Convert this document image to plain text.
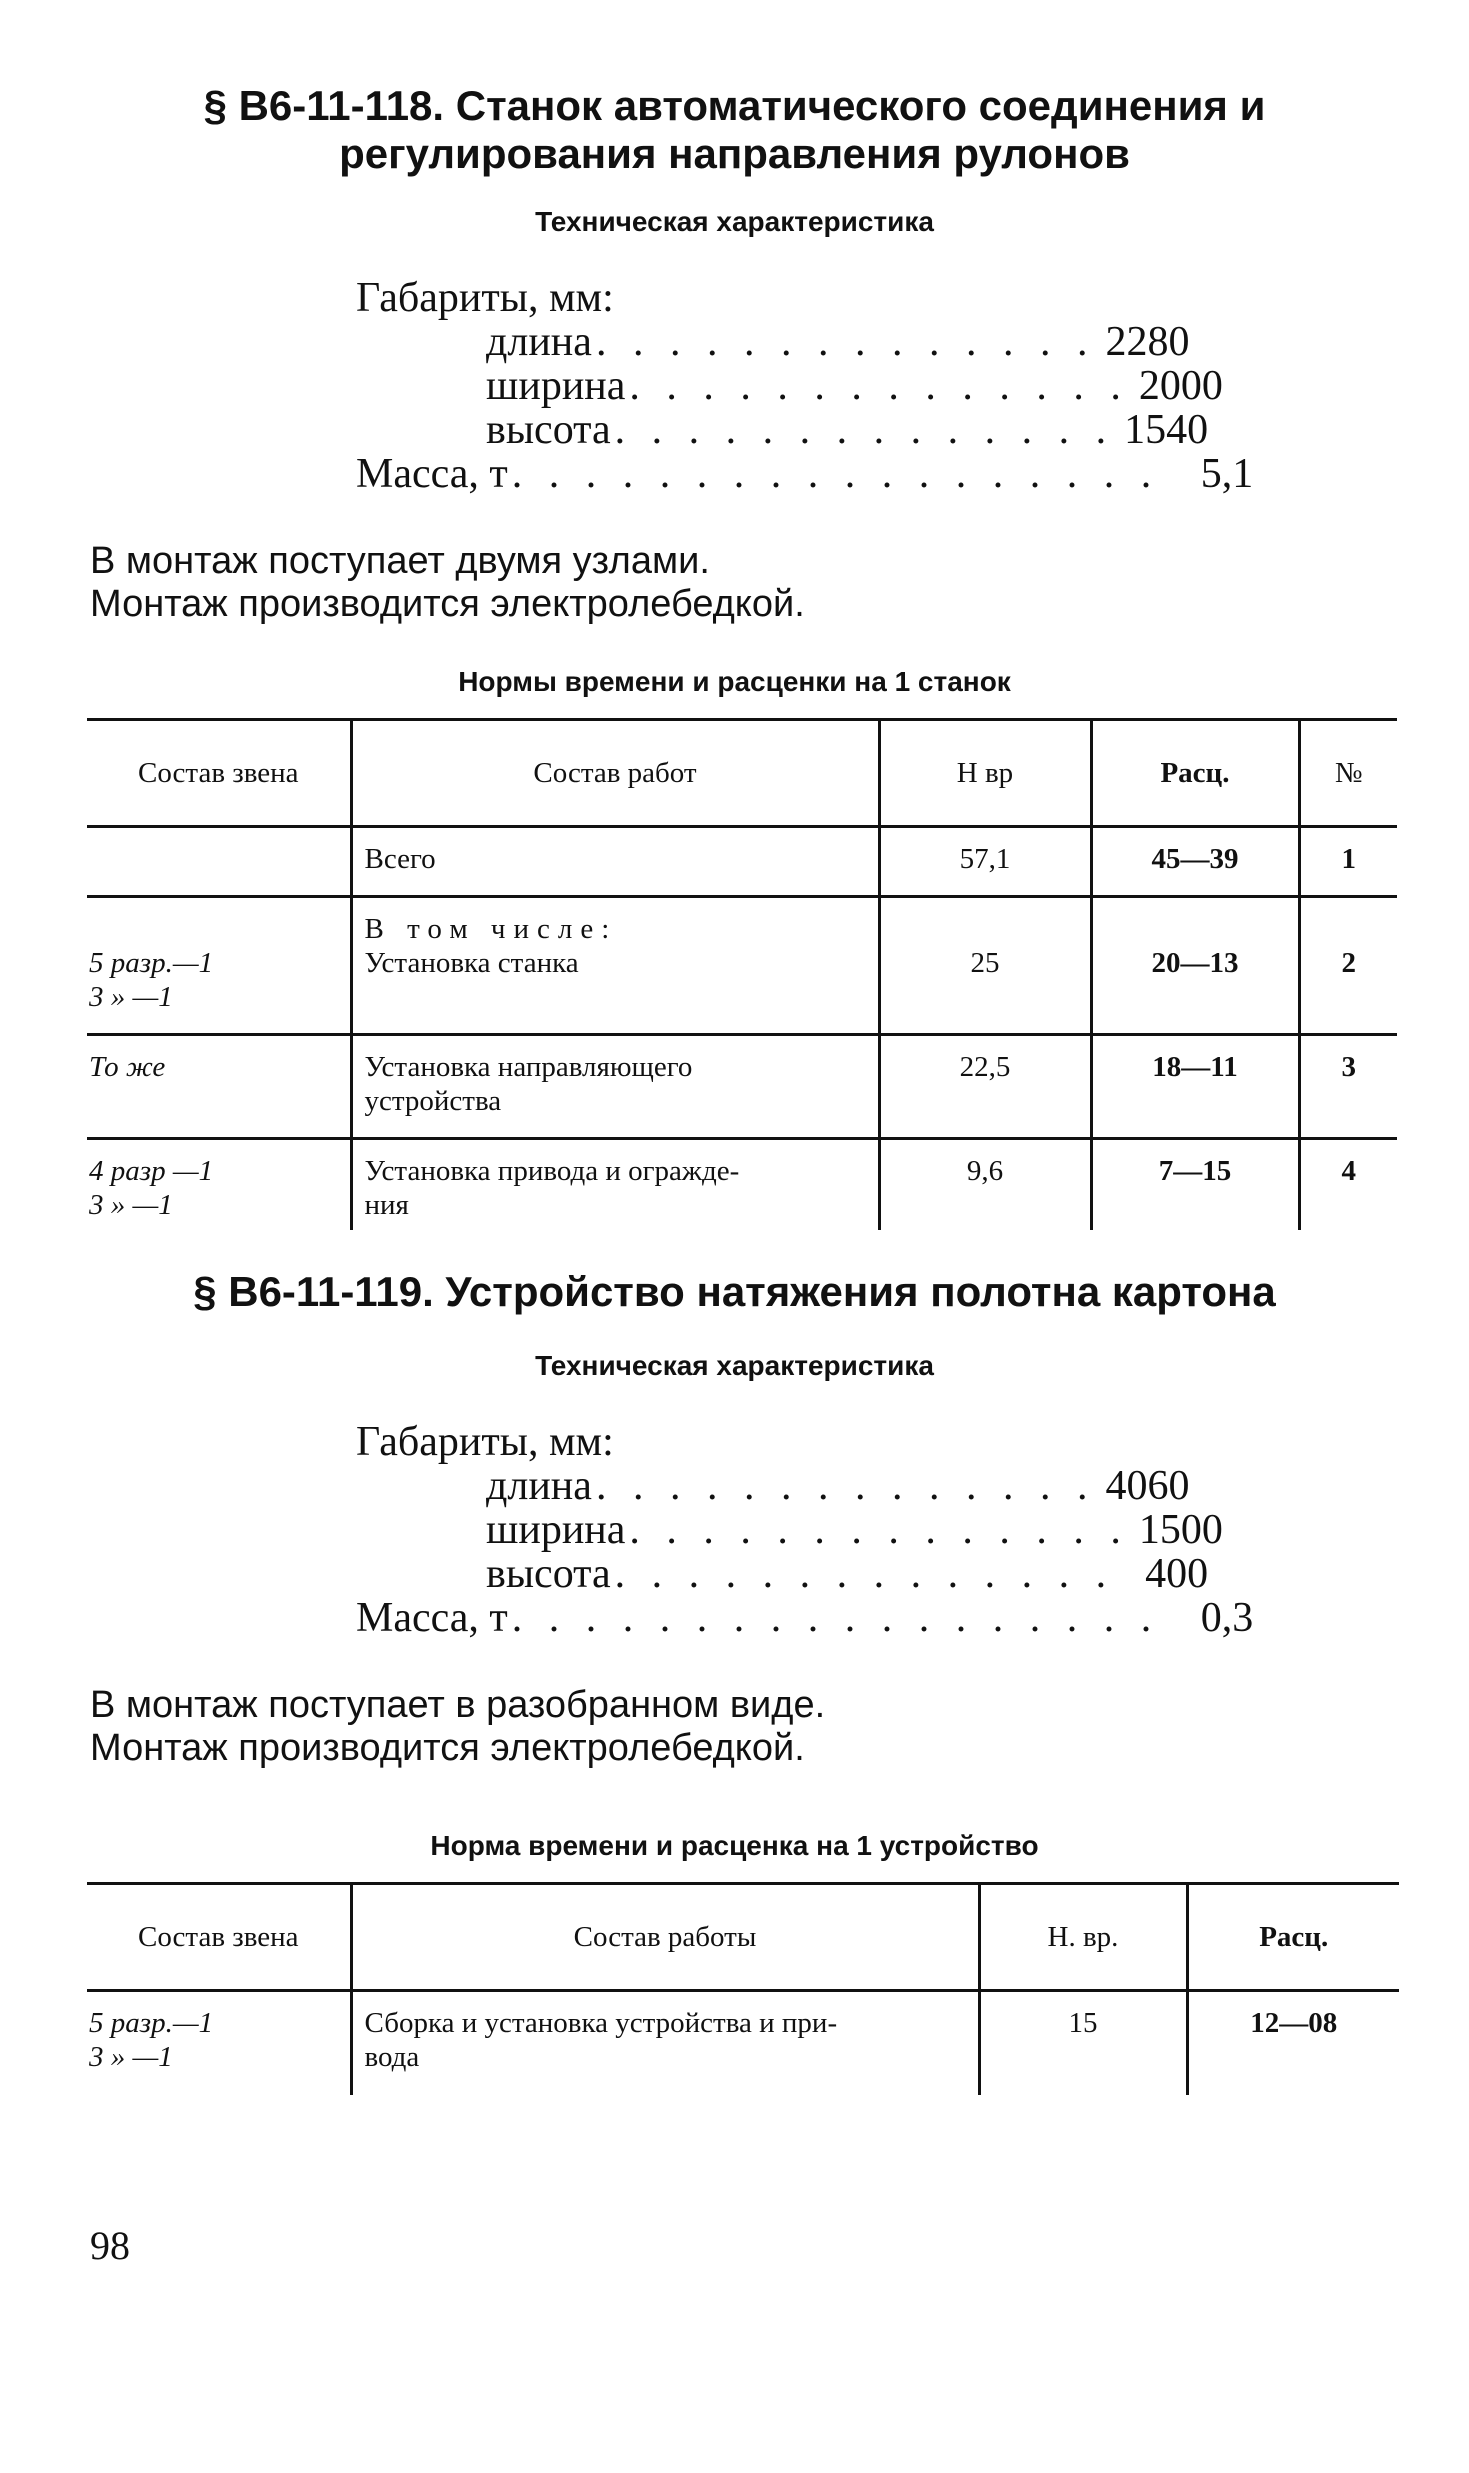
§ В6-11-118. Станок автоматического соединения и
регулирования направления рулонов
Техническая характеристика
Габариты, мм:
длина . . . . . . . . . . . . . . 2280
ширина . . . . . . . . . . . . . . 2000
высота . . . . . . . . . . . . . . 1540
Масса, т . . . . . . . . . . . . . . . . . . 5,1
В монтаж поступает двумя узлами.
Монтаж производится электролебедкой.
Нормы времени и расценки на 1 станок
Состав звена	Состав работ	Н вр	Расц.	№

	Всего	57,1	45—39	1

5 разр.—1
3 » —1	В том числе:
Установка станка	25	20—13	2

То же	Установка направляющего
устройства	22,5	18—11	3

4 разр —1
3 » —1	Установка привода и огражде-
ния	9,6	7—15	4
§ В6-11-119. Устройство натяжения полотна картона
Техническая характеристика
Габариты, мм:
длина . . . . . . . . . . . . . . 4060
ширина . . . . . . . . . . . . . . 1500
высота . . . . . . . . . . . . . . 400
Масса, т . . . . . . . . . . . . . . . . . . 0,3
В монтаж поступает в разобранном виде.
Монтаж производится электролебедкой.
Норма времени и расценка на 1 устройство
Состав звена	Состав работы	Н. вр.	Расц.

5 разр.—1
3 » —1	Сборка и установка устройства и при-
вода	15	12—08
98
